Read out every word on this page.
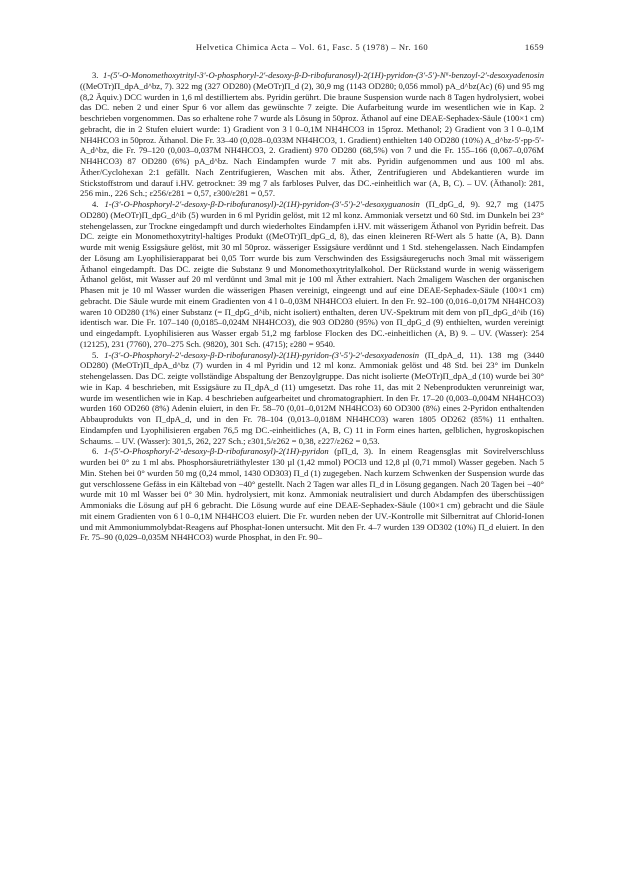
Helvetica Chimica Acta – Vol. 61, Fasc. 5 (1978) – Nr. 160	1659

3. 1-(5′-O-Monomethoxytrityl-3′-O-phosphoryl-2′-desoxy-β-D-ribofuranosyl)-2(1H)-pyridon-(3′-5′)-N⁶-benzoyl-2′-desoxyadenosin ((MeOTr)Π_dpA_d^bz, 7). 322 mg (327 OD280) (MeOTr)Π_d (2), 30,9 mg (1143 OD280; 0,056 mmol) pA_d^bz(Ac) (6) und 95 mg (8,2 Äquiv.) DCC wurden in 1,6 ml destilliertem abs. Pyridin gerührt. Die braune Suspension wurde nach 8 Tagen hydrolysiert, wobei das DC. neben 2 und einer Spur 6 vor allem das gewünschte 7 zeigte. Die Aufarbeitung wurde im wesentlichen wie in Kap. 2 beschrieben vorgenommen. Das so erhaltene rohe 7 wurde als Lösung in 50proz. Äthanol auf eine DEAE-Sephadex-Säule (100×1 cm) gebracht, die in 2 Stufen eluiert wurde: 1) Gradient von 3 l 0–0,1M NH4HCO3 in 15proz. Methanol; 2) Gradient von 3 l 0–0,1M NH4HCO3 in 50proz. Äthanol. Die Fr. 33–40 (0,028–0,033M NH4HCO3, 1. Gradient) enthielten 140 OD280 (10%) A_d^bz-5′-pp-5′-A_d^bz, die Fr. 79–120 (0,003–0,037M NH4HCO3, 2. Gradient) 970 OD280 (68,5%) von 7 und die Fr. 155–166 (0,067–0,076M NH4HCO3) 87 OD280 (6%) pA_d^bz. Nach Eindampfen wurde 7 mit abs. Pyridin aufgenommen und aus 100 ml abs. Äther/Cyclohexan 2:1 gefällt. Nach Zentrifugieren, Waschen mit abs. Äther, Zentrifugieren und Abdekantieren wurde im Stickstoffstrom und darauf i.HV. getrocknet: 39 mg 7 als farbloses Pulver, das DC.-einheitlich war (A, B, C). – UV. (Äthanol): 281, 256 min., 226 Sch.; ε256/ε281 = 0,57, ε300/ε281 = 0,57.

4. 1-(3′-O-Phosphoryl-2′-desoxy-β-D-ribofuranosyl)-2(1H)-pyridon-(3′-5′)-2′-desoxyguanosin (Π_dpG_d, 9). 92,7 mg (1475 OD280) (MeOTr)Π_dpG_d^ib (5) wurden in 6 ml Pyridin gelöst, mit 12 ml konz. Ammoniak versetzt und 60 Std. im Dunkeln bei 23° stehengelassen, zur Trockne eingedampft und durch wiederholtes Eindampfen i.HV. mit wässerigem Äthanol von Pyridin befreit. Das DC. zeigte ein Monomethoxytrityl-haltiges Produkt ((MeOTr)Π_dpG_d, 8), das einen kleineren Rf-Wert als 5 hatte (A, B). Dann wurde mit wenig Essigsäure gelöst, mit 30 ml 50proz. wässeriger Essigsäure verdünnt und 1 Std. stehengelassen. Nach Eindampfen der Lösung am Lyophilisierapparat bei 0,05 Torr wurde bis zum Verschwinden des Essigsäuregeruchs noch 3mal mit wässerigem Äthanol eingedampft. Das DC. zeigte die Substanz 9 und Monomethoxytritylalkohol. Der Rückstand wurde in wenig wässerigem Äthanol gelöst, mit Wasser auf 20 ml verdünnt und 3mal mit je 100 ml Äther extrahiert. Nach 2maligem Waschen der organischen Phasen mit je 10 ml Wasser wurden die wässerigen Phasen vereinigt, eingeengt und auf eine DEAE-Sephadex-Säule (100×1 cm) gebracht. Die Säule wurde mit einem Gradienten von 4 l 0–0,03M NH4HCO3 eluiert. In den Fr. 92–100 (0,016–0,017M NH4HCO3) waren 10 OD280 (1%) einer Substanz (= Π_dpG_d^ib, nicht isoliert) enthalten, deren UV.-Spektrum mit dem von pΠ_dpG_d^ib (16) identisch war. Die Fr. 107–140 (0,0185–0,024M NH4HCO3), die 903 OD280 (95%) von Π_dpG_d (9) enthielten, wurden vereinigt und eingedampft. Lyophilisieren aus Wasser ergab 51,2 mg farblose Flocken des DC.-einheitlichen (A, B) 9. – UV. (Wasser): 254 (12125), 231 (7760), 270–275 Sch. (9820), 301 Sch. (4715); ε280 = 9540.

5. 1-(3′-O-Phosphoryl-2′-desoxy-β-D-ribofuranosyl)-2(1H)-pyridon-(3′-5′)-2′-desoxyadenosin (Π_dpA_d, 11). 138 mg (3440 OD280) (MeOTr)Π_dpA_d^bz (7) wurden in 4 ml Pyridin und 12 ml konz. Ammoniak gelöst und 48 Std. bei 23° im Dunkeln stehengelassen. Das DC. zeigte vollständige Abspaltung der Benzoylgruppe. Das nicht isolierte (MeOTr)Π_dpA_d (10) wurde bei 30° wie in Kap. 4 beschrieben, mit Essigsäure zu Π_dpA_d (11) umgesetzt. Das rohe 11, das mit 2 Nebenprodukten verunreinigt war, wurde im wesentlichen wie in Kap. 4 beschrieben aufgearbeitet und chromatographiert. In den Fr. 17–20 (0,003–0,004M NH4HCO3) wurden 160 OD260 (8%) Adenin eluiert, in den Fr. 58–70 (0,01–0,012M NH4HCO3) 60 OD300 (8%) eines 2-Pyridon enthaltenden Abbauprodukts von Π_dpA_d, und in den Fr. 78–104 (0,013–0,018M NH4HCO3) waren 1805 OD262 (85%) 11 enthalten. Eindampfen und Lyophilisieren ergaben 76,5 mg DC.-einheitliches (A, B, C) 11 in Form eines harten, gelblichen, hygroskopischen Schaums. – UV. (Wasser): 301,5, 262, 227 Sch.; ε301,5/ε262 = 0,38, ε227/ε262 = 0,53.

6. 1-(5′-O-Phosphoryl-2′-desoxy-β-D-ribofuranosyl)-2(1H)-pyridon (pΠ_d, 3). In einem Reagensglas mit Sovirelverschluss wurden bei 0° zu 1 ml abs. Phosphorsäuretriäthylester 130 µl (1,42 mmol) POCl3 und 12,8 µl (0,71 mmol) Wasser gegeben. Nach 5 Min. Stehen bei 0° wurden 50 mg (0,24 mmol, 1430 OD303) Π_d (1) zugegeben. Nach kurzem Schwenken der Suspension wurde das gut verschlossene Gefäss in ein Kältebad von −40° gestellt. Nach 2 Tagen war alles Π_d in Lösung gegangen. Nach 20 Tagen bei −40° wurde mit 10 ml Wasser bei 0° 30 Min. hydrolysiert, mit konz. Ammoniak neutralisiert und durch Abdampfen des überschüssigen Ammoniaks die Lösung auf pH 6 gebracht. Die Lösung wurde auf eine DEAE-Sephadex-Säule (100×1 cm) gebracht und die Säule mit einem Gradienten von 6 l 0–0,1M NH4HCO3 eluiert. Die Fr. wurden neben der UV.-Kontrolle mit Silbernitrat auf Chlorid-Ionen und mit Ammoniummolybdat-Reagens auf Phosphat-Ionen untersucht. Mit den Fr. 4–7 wurden 139 OD302 (10%) Π_d eluiert. In den Fr. 75–90 (0,029–0,035M NH4HCO3) wurde Phosphat, in den Fr. 90–
